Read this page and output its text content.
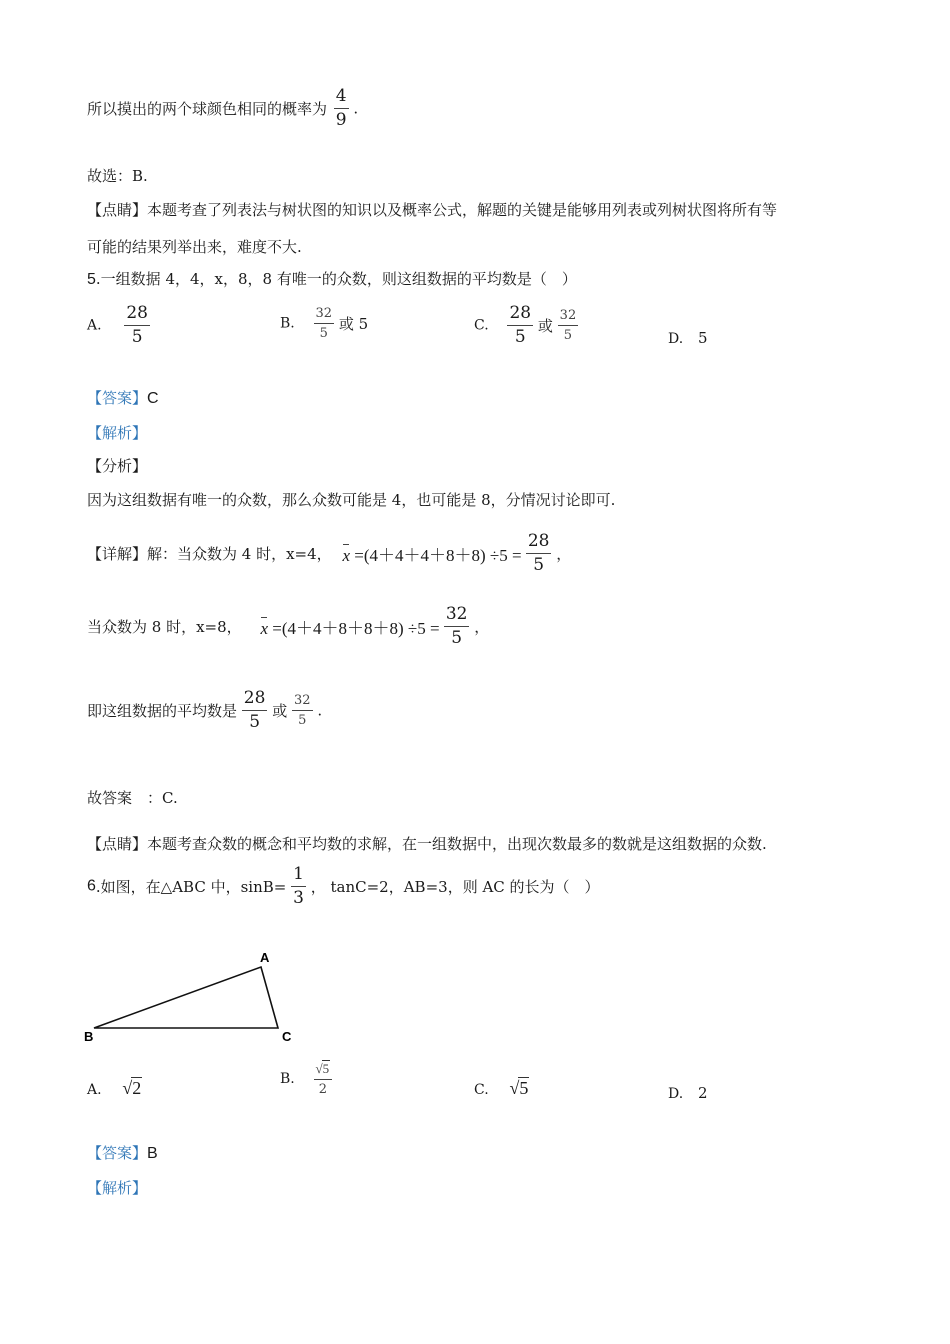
所以摸出的两个球颜色相同的概率为 $\frac{4}{9}$ .
故选：B.
【点睛】本题考查了列表法与树状图的知识以及概率公式，解题的关键是能够用列表或列树状图将所有等
可能的结果列举出来，难度不大.
5.一组数据 4，4，x，8，8 有唯一的众数，则这组数据的平均数是（　）
A. $\frac{28}{5}$	B. $\frac{32}{5}$ 或 5	C. $\frac{28}{5}$ 或 $\frac{32}{5}$	D. 5
【答案】C
【解析】
【分析】
因为这组数据有唯一的众数，那么众数可能是 4，也可能是 8，分情况讨论即可.
【详解】解：当众数为 4 时，x=4， $x =(4+4+4+8+8) \div 5 = \frac{28}{5}$ ，
当众数为 8 时，x=8， $x =(4+4+8+8+8) \div 5 = \frac{32}{5}$ ，
即这组数据的平均数是 $\frac{28}{5}$ 或 $\frac{32}{5}$ .
故答案　：C.
【点睛】本题考查众数的概念和平均数的求解，在一组数据中，出现次数最多的数就是这组数据的众数.
6.如图，在△ABC 中，$\sin B= \frac{1}{3}$ ， tanC=2，AB=3，则 AC 的长为（　）
A
B	C
A. √2	B. $\frac{√5}{2}$	C. √5	D. 2
【答案】B
【解析】
